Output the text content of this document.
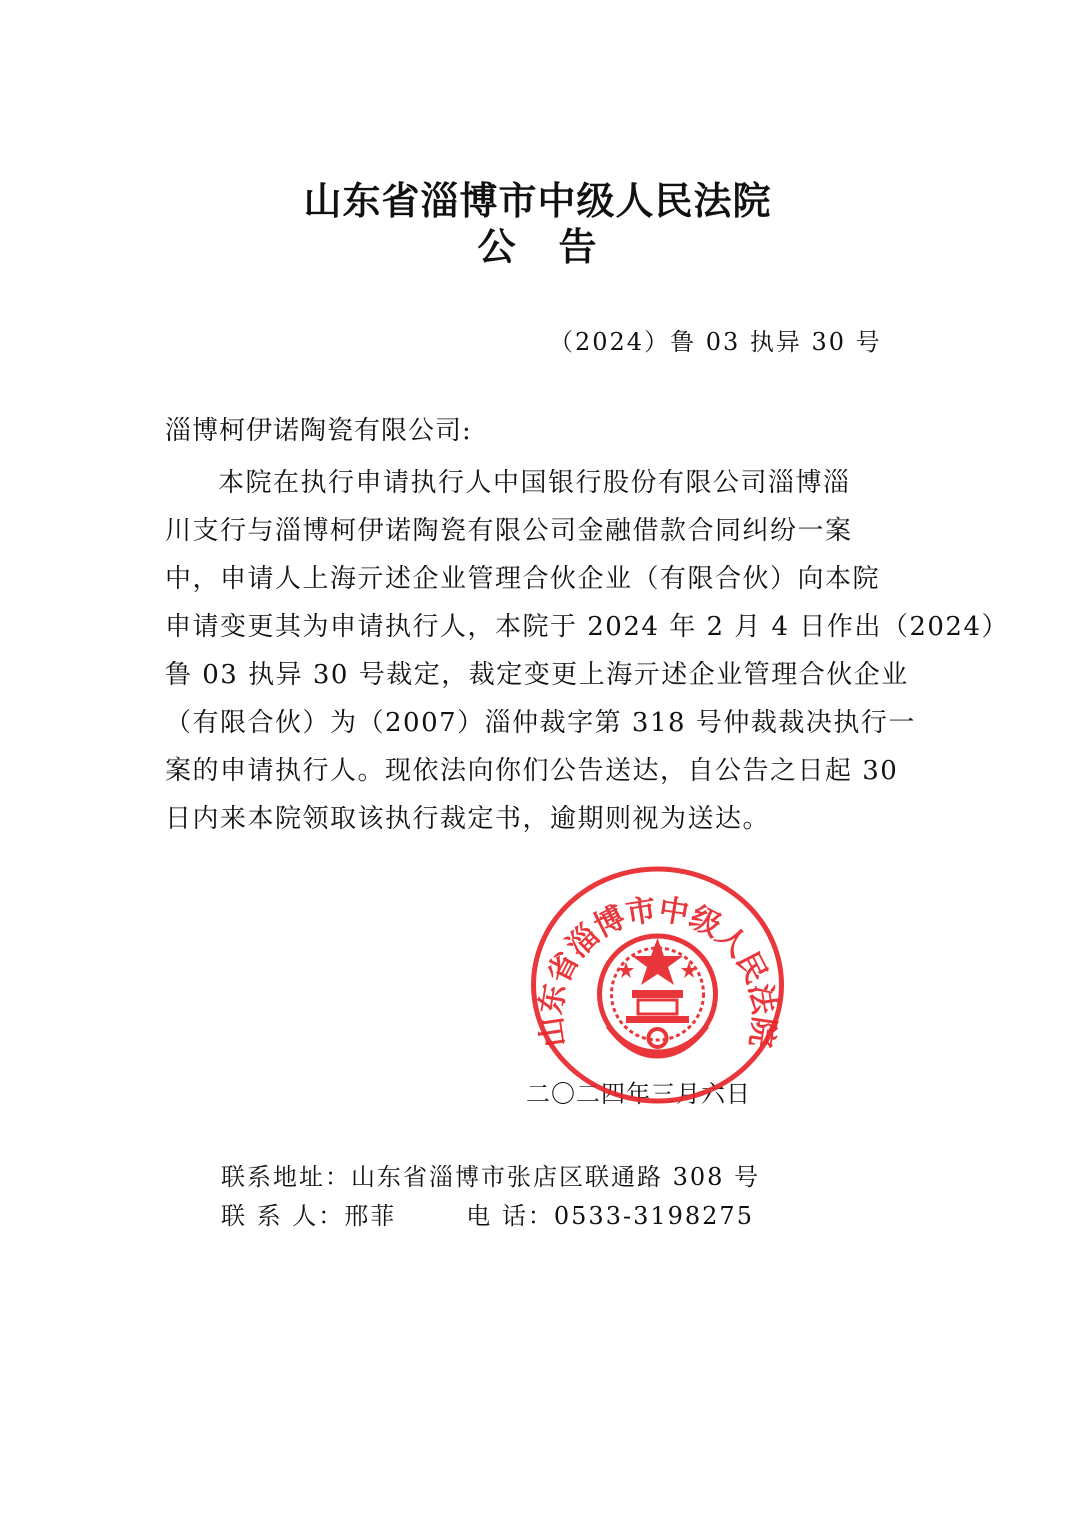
山东省淄博市中级人民法院
公 告
（2024）鲁 03 执异 30 号
淄博柯伊诺陶瓷有限公司:
本院在执行申请执行人中国银行股份有限公司淄博淄
川支行与淄博柯伊诺陶瓷有限公司金融借款合同纠纷一案
中，申请人上海亓述企业管理合伙企业（有限合伙）向本院
申请变更其为申请执行人，本院于 2024 年 2 月 4 日作出（2024）
鲁 03 执异 30 号裁定，裁定变更上海亓述企业管理合伙企业
（有限合伙）为（2007）淄仲裁字第 318 号仲裁裁决执行一
案的申请执行人。现依法向你们公告送达，自公告之日起 30
日内来本院领取该执行裁定书，逾期则视为送达。
二〇二四年三月六日
山东省淄博市中级人民法院
联系地址：山东省淄博市张店区联通路 308 号
联 系 人：邢菲	电 话：0533-3198275
